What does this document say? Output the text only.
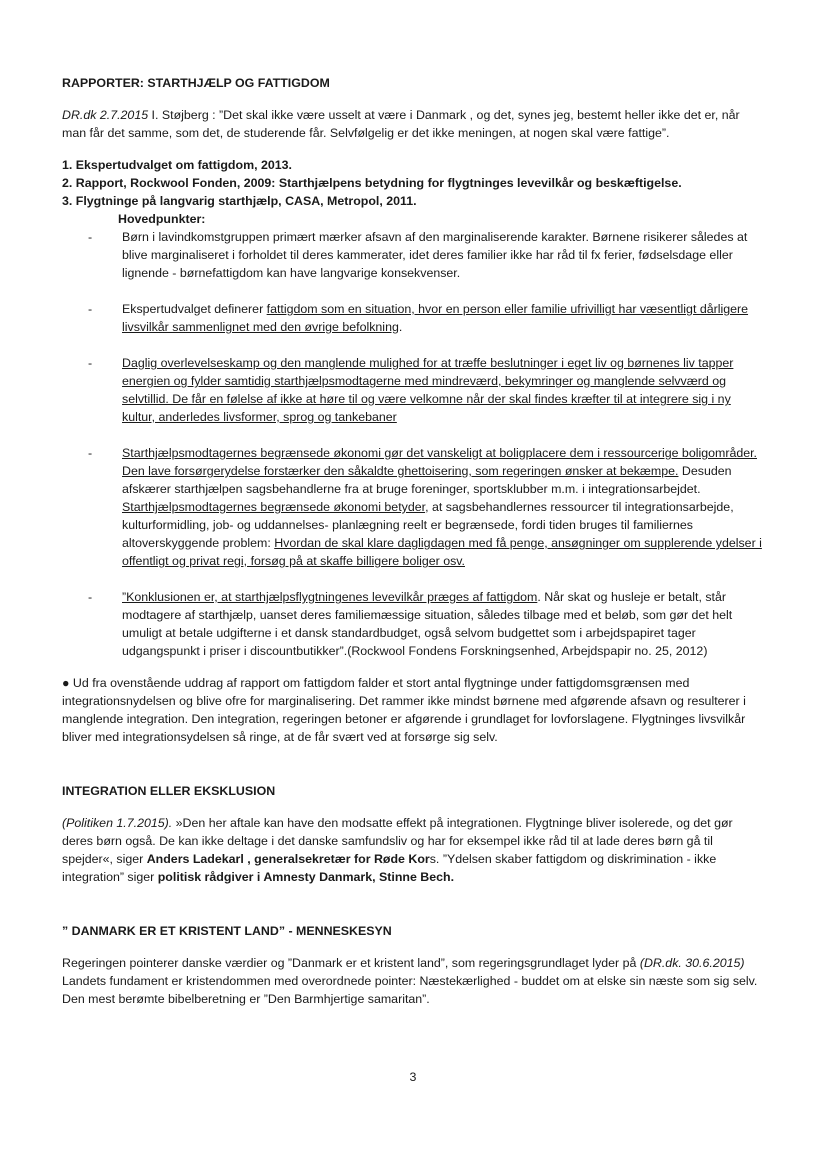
RAPPORTER: STARTHJÆLP OG FATTIGDOM

DR.dk 2.7.2015 I. Støjberg : ”Det skal ikke være usselt at være i Danmark , og det, synes jeg, bestemt heller ikke det er, når man får det samme, som det, de studerende får. Selvfølgelig er det ikke meningen, at nogen skal være fattige”.

1. Ekspertudvalget om fattigdom, 2013.
2. Rapport, Rockwool Fonden, 2009: Starthjælpens betydning for flygtninges levevilkår og beskæftigelse.
3. Flygtninge på langvarig starthjælp, CASA, Metropol, 2011.

Hovedpunkter:

- Børn i lavindkomstgruppen primært mærker afsavn af den marginaliserende karakter. Børnene risikerer således at blive marginaliseret i forholdet til deres kammerater, idet deres familier ikke har råd til fx ferier, fødselsdage eller lignende - børnefattigdom kan have langvarige konsekvenser.

- Ekspertudvalget definerer fattigdom som en situation, hvor en person eller familie ufrivilligt har væsentligt dårligere livsvilkår sammenlignet med den øvrige befolkning.

- Daglig overlevelseskamp og den manglende mulighed for at træffe beslutninger i eget liv og børnenes liv tapper energien og fylder samtidig starthjælpsmodtagerne med mindreværd, bekymringer og manglende selvværd og selvtillid. De får en følelse af ikke at høre til og være velkomne når der skal findes kræfter til at integrere sig i ny kultur, anderledes livsformer, sprog og tankebaner

- Starthjælpsmodtagernes begrænsede økonomi gør det vanskeligt at boligplacere dem i ressourcerige boligområder. Den lave forsørgerydelse forstærker den såkaldte ghettoisering, som regeringen ønsker at bekæmpe. Desuden afskærer starthjælpen sagsbehandlerne fra at bruge foreninger, sportsklubber m.m. i integrationsarbejdet. Starthjælpsmodtagernes begrænsede økonomi betyder, at sagsbehandlernes ressourcer til integrationsarbejde, kulturformidling, job- og uddannelses- planlægning reelt er begrænsede, fordi tiden bruges til familiernes altoverskyggende problem: Hvordan de skal klare dagligdagen med få penge, ansøgninger om supplerende ydelser i offentligt og privat regi, forsøg på at skaffe billigere boliger osv.

- ”Konklusionen er, at starthjælpsflygtningenes levevilkår præges af fattigdom. Når skat og husleje er betalt, står modtagere af starthjælp, uanset deres familiemæssige situation, således tilbage med et beløb, som gør det helt umuligt at betale udgifterne i et dansk standardbudget, også selvom budgettet som i arbejdspapiret tager udgangspunkt i priser i discountbutikker”.(Rockwool Fondens Forskningsenhed, Arbejdspapir no. 25, 2012)

● Ud fra ovenstående uddrag af rapport om fattigdom falder et stort antal flygtninge under fattigdomsgrænsen med integrationsnydelsen og blive ofre for marginalisering. Det rammer ikke mindst børnene med afgørende afsavn og resulterer i manglende integration. Den integration, regeringen betoner er afgørende i grundlaget for lovforslagene. Flygtninges livsvilkår bliver med integrationsydelsen så ringe, at de får svært ved at forsørge sig selv.

INTEGRATION ELLER EKSKLUSION

(Politiken 1.7.2015). »Den her aftale kan have den modsatte effekt på integrationen. Flygtninge bliver isolerede, og det gør deres børn også. De kan ikke deltage i det danske samfundsliv og har for eksempel ikke råd til at lade deres børn gå til spejder«, siger Anders Ladekarl , generalsekretær for Røde Kors. ”Ydelsen skaber fattigdom og diskrimination - ikke integration” siger politisk rådgiver i Amnesty Danmark, Stinne Bech.

” DANMARK ER ET KRISTENT LAND” - MENNESKESYN

Regeringen pointerer danske værdier og ”Danmark er et kristent land”, som regeringsgrundlaget lyder på (DR.dk. 30.6.2015) Landets fundament er kristendommen med overordnede pointer: Næstekærlighed - buddet om at elske sin næste som sig selv. Den mest berømte bibelberetning er ”Den Barmhjertige samaritan”.

3
